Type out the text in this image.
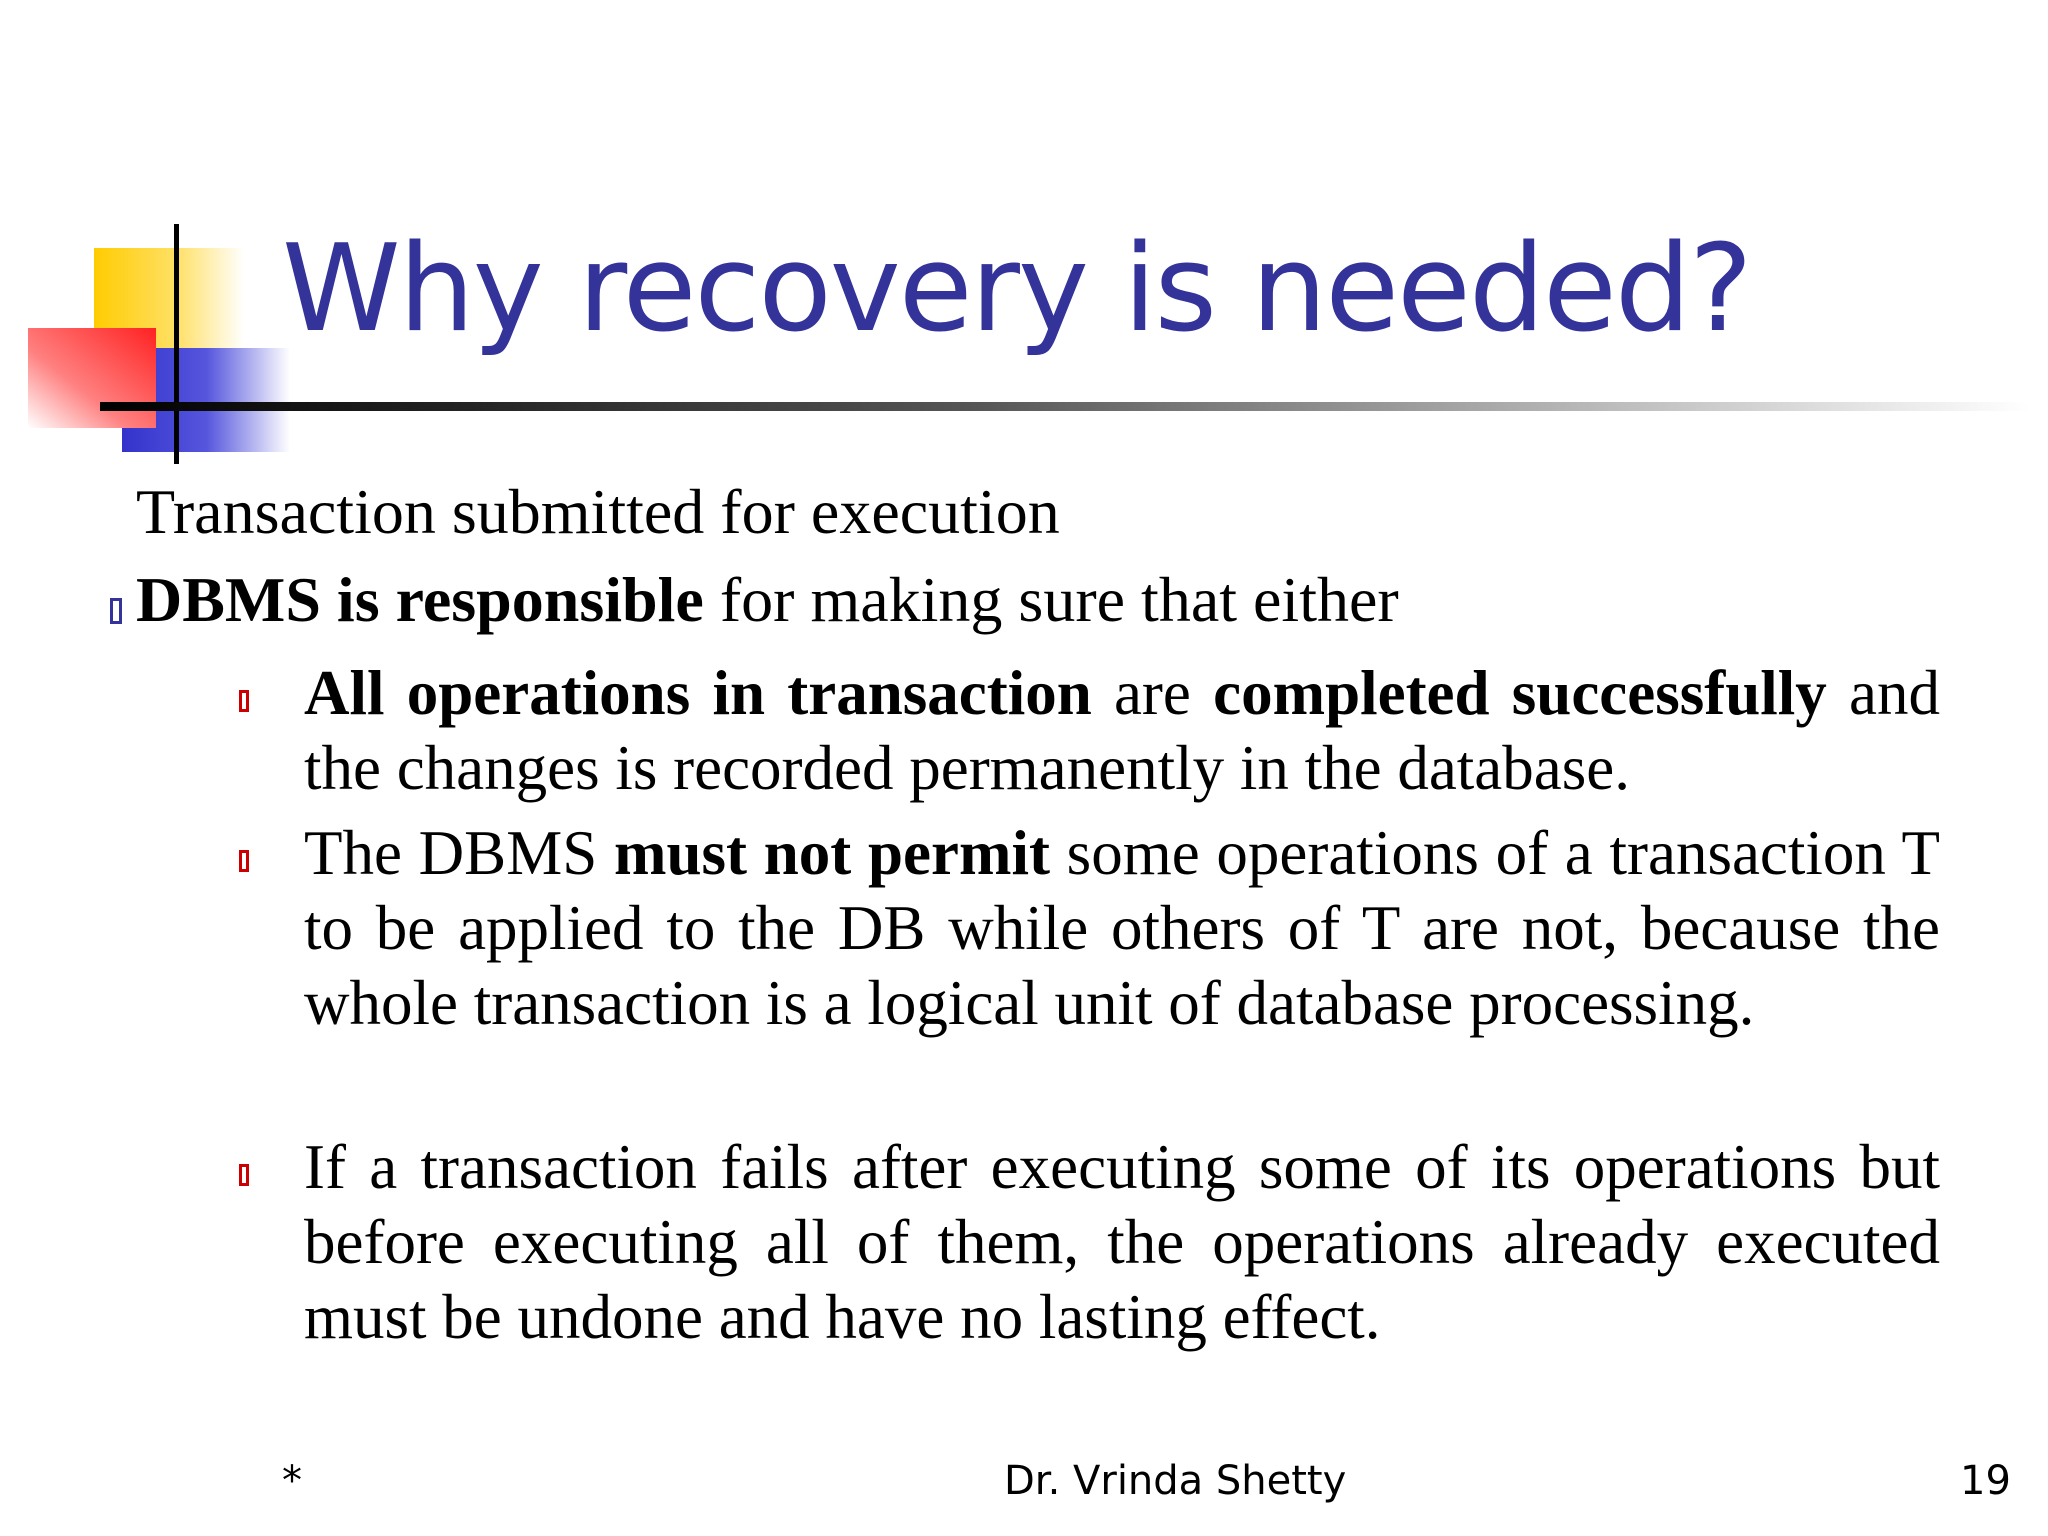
Why recovery is needed?
Transaction submitted for execution
DBMS is responsible for making sure that either
All operations in transaction are completed successfully and the changes is recorded permanently in the database.
The DBMS must not permit some operations of a transaction T to be applied to the DB while others of T are not, because the whole transaction is a logical unit of database processing.
If a transaction fails after executing some of its operations but before executing all of them, the operations already executed must be undone and have no lasting effect.
*	Dr. Vrinda Shetty	19
